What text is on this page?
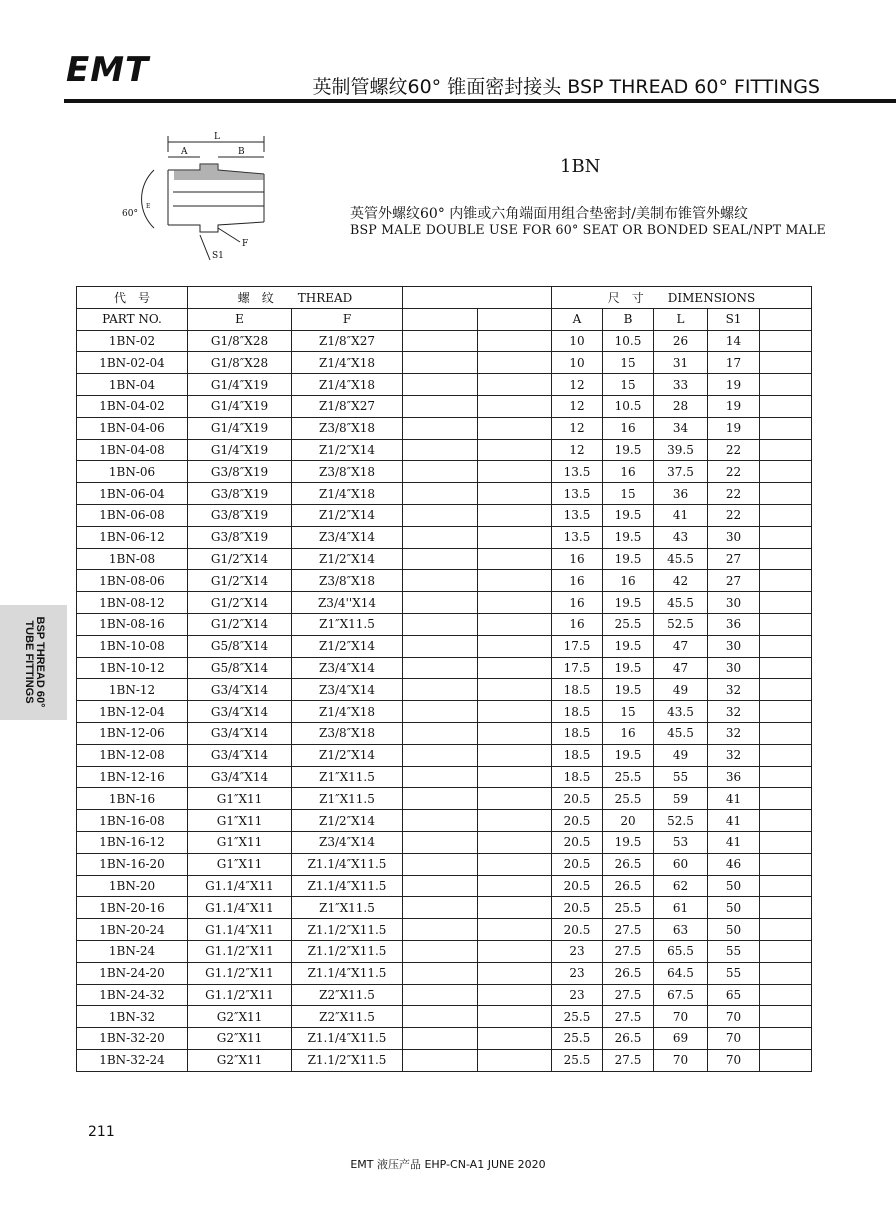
EMT	英制管螺纹60° 锥面密封接头 BSP THREAD 60° FITTINGS
L
A	B
60°
E
S1
F
1BN
英管外螺纹60° 内锥或六角端面用组合垫密封/美制布锥管外螺纹
BSP MALE DOUBLE USE FOR 60° SEAT OR BONDED SEAL/NPT MALE
BSP THREAD 60°
TUBE FITTINGS
代　号	螺　纹　　THREAD				尺　寸　　DIMENSIONS				
PART NO.	E	F			A	B	L	S1	
1BN-02	G1/8″X28	Z1/8″X27			10	10.5	26	14	
1BN-02-04	G1/8″X28	Z1/4″X18			10	15	31	17	
1BN-04	G1/4″X19	Z1/4″X18			12	15	33	19	
1BN-04-02	G1/4″X19	Z1/8″X27			12	10.5	28	19	
1BN-04-06	G1/4″X19	Z3/8″X18			12	16	34	19	
1BN-04-08	G1/4″X19	Z1/2″X14			12	19.5	39.5	22	
1BN-06	G3/8″X19	Z3/8″X18			13.5	16	37.5	22	
1BN-06-04	G3/8″X19	Z1/4″X18			13.5	15	36	22	
1BN-06-08	G3/8″X19	Z1/2″X14			13.5	19.5	41	22	
1BN-06-12	G3/8″X19	Z3/4″X14			13.5	19.5	43	30	
1BN-08	G1/2″X14	Z1/2″X14			16	19.5	45.5	27	
1BN-08-06	G1/2″X14	Z3/8″X18			16	16	42	27	
1BN-08-12	G1/2″X14	Z3/4''X14			16	19.5	45.5	30	
1BN-08-16	G1/2″X14	Z1″X11.5			16	25.5	52.5	36	
1BN-10-08	G5/8″X14	Z1/2″X14			17.5	19.5	47	30	
1BN-10-12	G5/8″X14	Z3/4″X14			17.5	19.5	47	30	
1BN-12	G3/4″X14	Z3/4″X14			18.5	19.5	49	32	
1BN-12-04	G3/4″X14	Z1/4″X18			18.5	15	43.5	32	
1BN-12-06	G3/4″X14	Z3/8″X18			18.5	16	45.5	32	
1BN-12-08	G3/4″X14	Z1/2″X14			18.5	19.5	49	32	
1BN-12-16	G3/4″X14	Z1″X11.5			18.5	25.5	55	36	
1BN-16	G1″X11	Z1″X11.5			20.5	25.5	59	41	
1BN-16-08	G1″X11	Z1/2″X14			20.5	20	52.5	41	
1BN-16-12	G1″X11	Z3/4″X14			20.5	19.5	53	41	
1BN-16-20	G1″X11	Z1.1/4″X11.5			20.5	26.5	60	46	
1BN-20	G1.1/4″X11	Z1.1/4″X11.5			20.5	26.5	62	50	
1BN-20-16	G1.1/4″X11	Z1″X11.5			20.5	25.5	61	50	
1BN-20-24	G1.1/4″X11	Z1.1/2″X11.5			20.5	27.5	63	50	
1BN-24	G1.1/2″X11	Z1.1/2″X11.5			23	27.5	65.5	55	
1BN-24-20	G1.1/2″X11	Z1.1/4″X11.5			23	26.5	64.5	55	
1BN-24-32	G1.1/2″X11	Z2″X11.5			23	27.5	67.5	65	
1BN-32	G2″X11	Z2″X11.5			25.5	27.5	70	70	
1BN-32-20	G2″X11	Z1.1/4″X11.5			25.5	26.5	69	70	
1BN-32-24	G2″X11	Z1.1/2″X11.5			25.5	27.5	70	70	
211
EMT 液压产品 EHP-CN-A1 JUNE 2020
